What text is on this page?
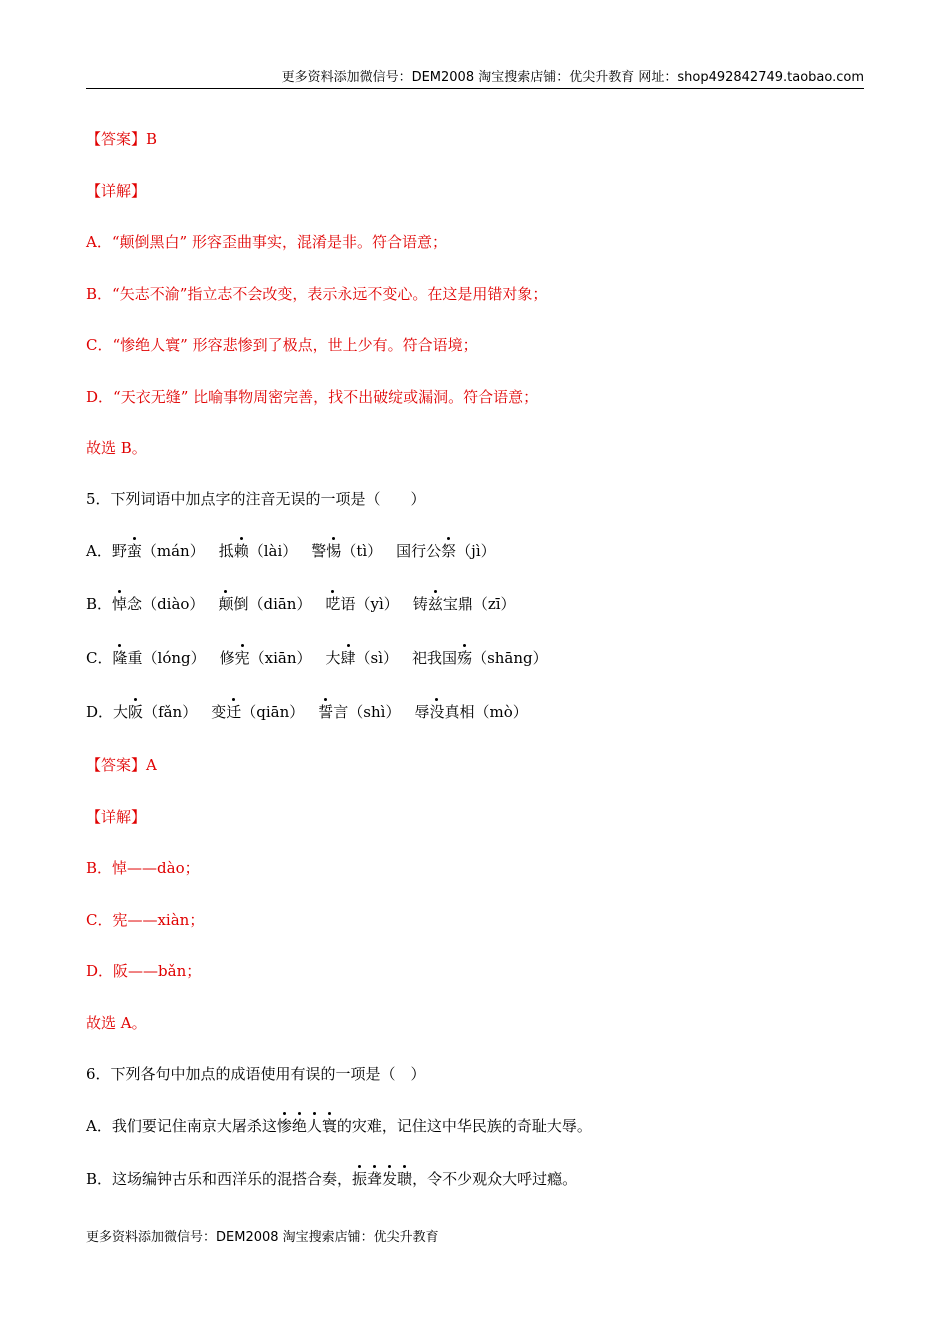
更多资料添加微信号：DEM2008 淘宝搜索店铺：优尖升教育 网址：shop492842749.taobao.com
【答案】B
【详解】
A．“颠倒黑白” 形容歪曲事实，混淆是非。符合语意；
B．“矢志不渝”指立志不会改变，表示永远不变心。在这是用错对象；
C．“惨绝人寰” 形容悲惨到了极点，世上少有。符合语境；
D．“天衣无缝” 比喻事物周密完善，找不出破绽或漏洞。符合语意；
故选 B。
5．下列词语中加点字的注音无误的一项是（　　）
A．野蛮（mán） 抵赖（lài） 警惕（tì） 国行公祭（jì）
B．悼念（diào） 颠倒（diān） 呓语（yì） 铸兹宝鼎（zī）
C．隆重（lóng） 修宪（xiān） 大肆（sì） 祀我国殇（shāng）
D．大阪（fǎn） 变迁（qiān） 誓言（shì） 辱没真相（mò）
【答案】A
【详解】
B．悼——dào；
C．宪——xiàn；
D．阪——bǎn；
故选 A。
6．下列各句中加点的成语使用有误的一项是（　）
A．我们要记住南京大屠杀这惨绝人寰的灾难，记住这中华民族的奇耻大辱。
B．这场编钟古乐和西洋乐的混搭合奏，振聋发聩，令不少观众大呼过瘾。
更多资料添加微信号：DEM2008 淘宝搜索店铺：优尖升教育
